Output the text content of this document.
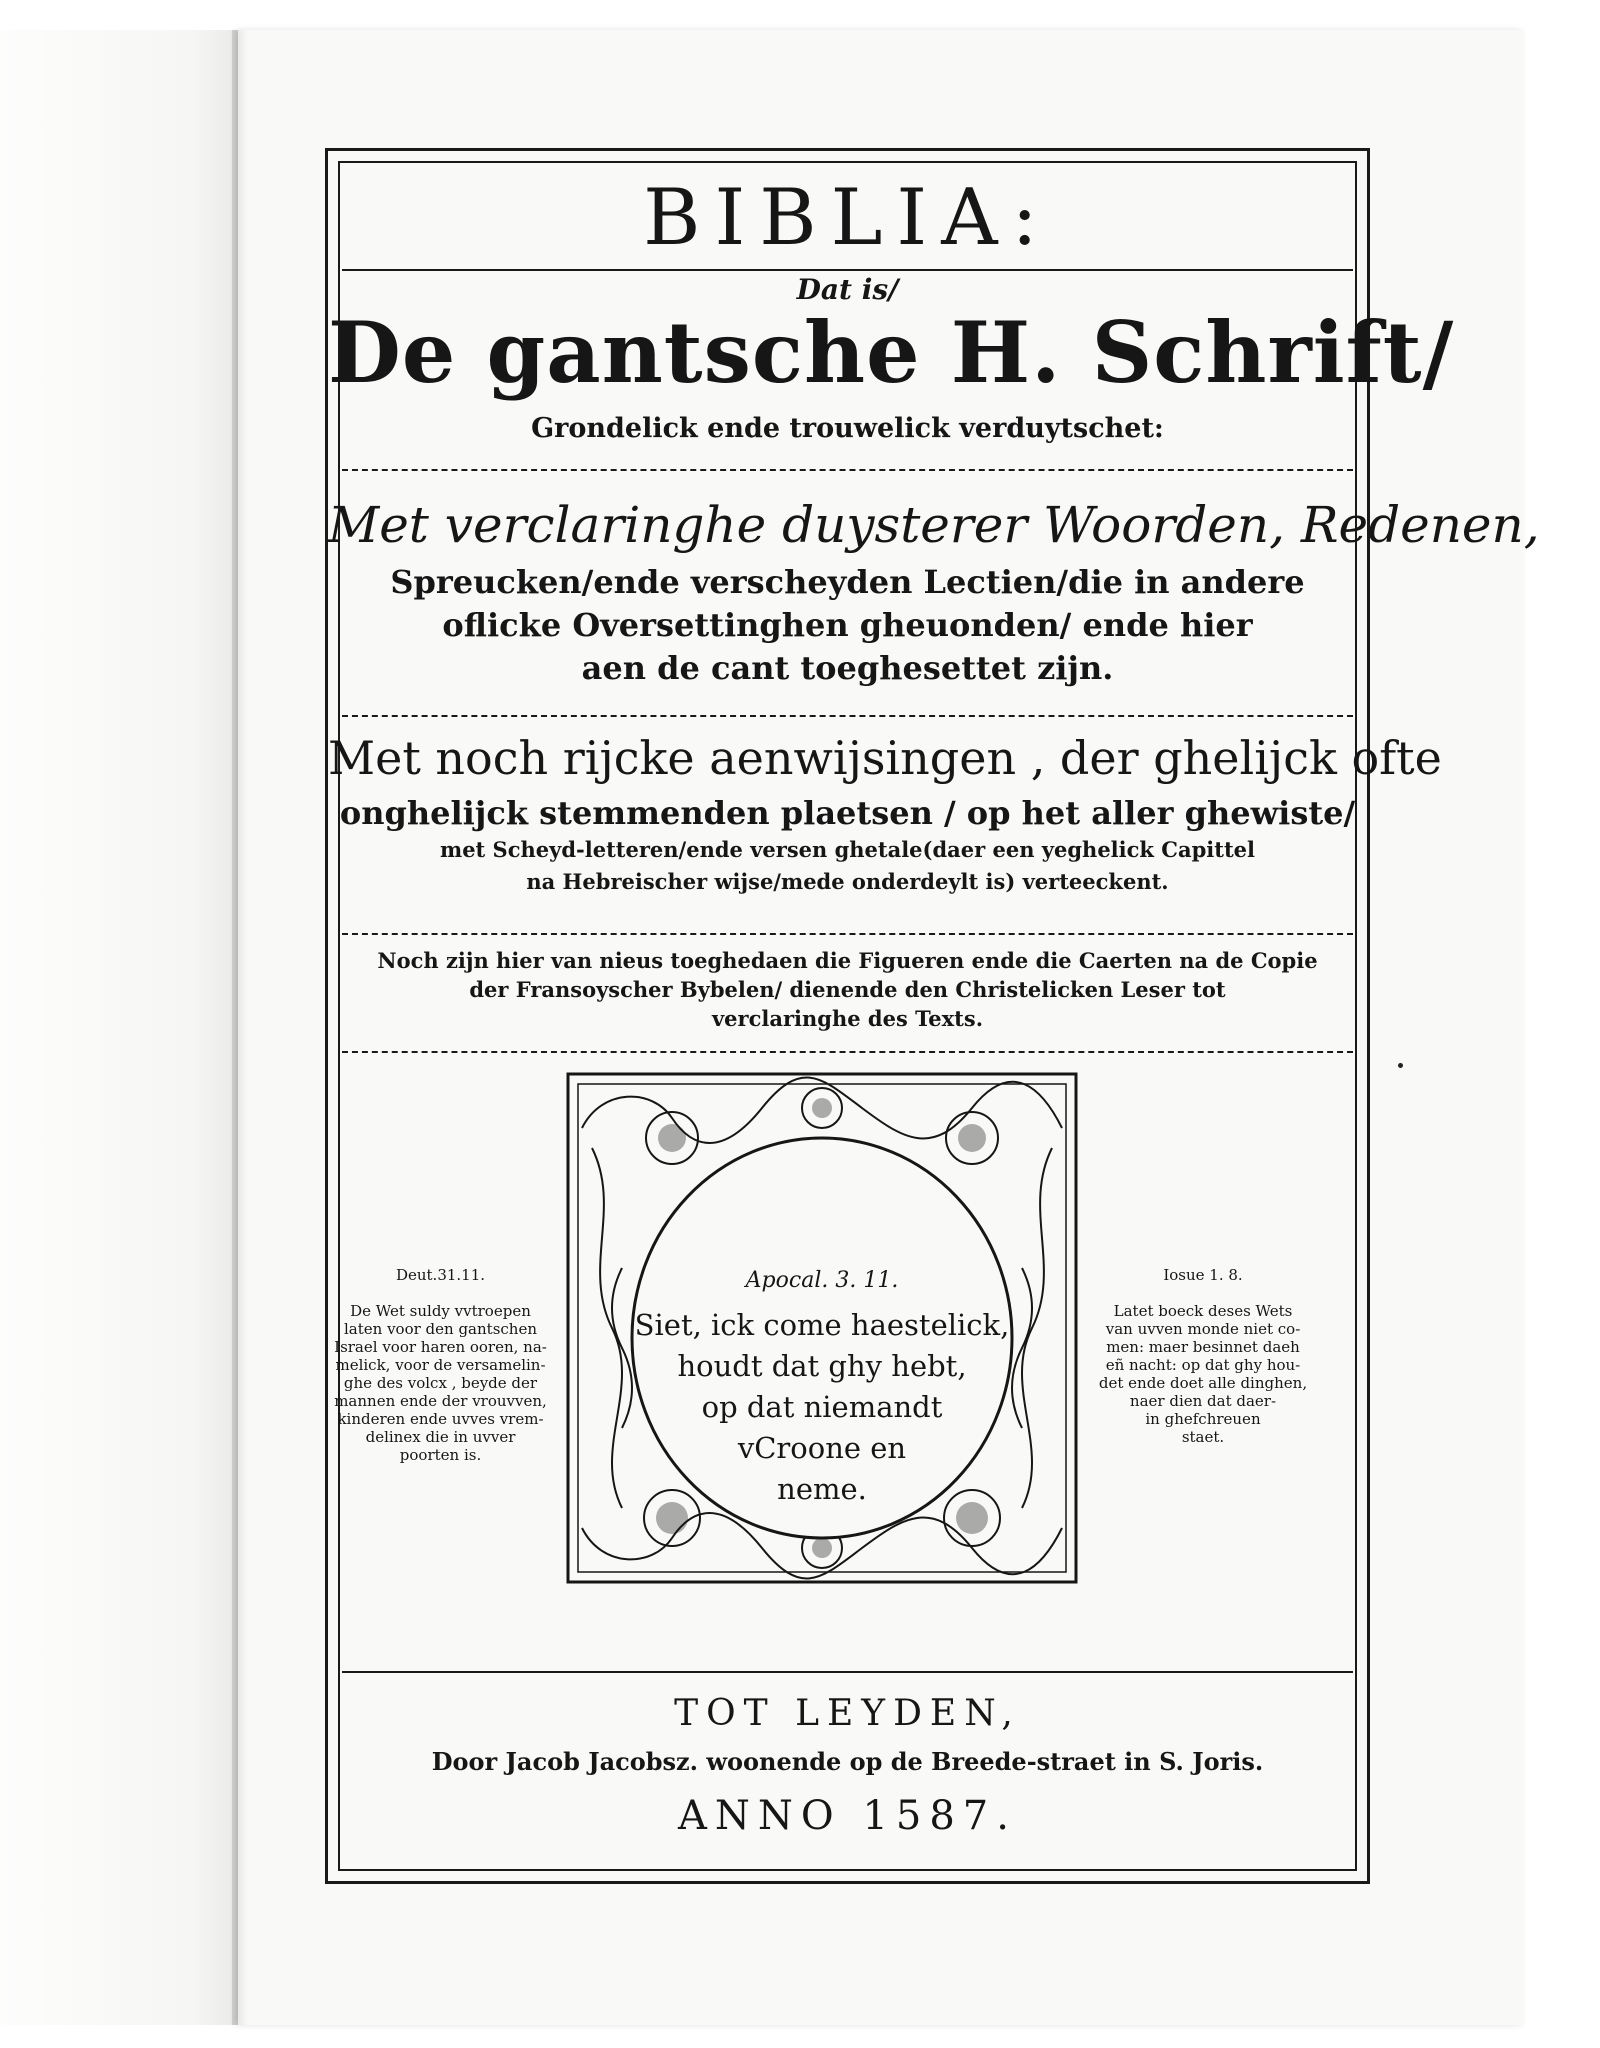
BIBLIA:
Dat is/
De gantsche H. Schrift/
Grondelick ende trouwelick verduytschet:
Met verclaringhe duysterer Woorden, Redenen,
Spreucken/ende verscheyden Lectien/die in andere
oflicke Oversettinghen gheuonden/ ende hier
aen de cant toeghesettet zijn.
Met noch rijcke aenwijsingen , der ghelijck ofte
onghelijck stemmenden plaetsen / op het aller ghewiste/
met Scheyd-letteren/ende versen ghetale(daer een yeghelick Capittel
na Hebreischer wijse/mede onderdeylt is) verteeckent.
Noch zijn hier van nieus toeghedaen die Figueren ende die Caerten na de Copie
der Fransoyscher Bybelen/ dienende den Christelicken Leser tot
verclaringhe des Texts.
Deut.31.11.
De Wet suldy vvtroepen
laten voor den gantschen
Israel voor haren ooren, na-
melick, voor de versamelin-
ghe des volcx , beyde der
mannen ende der vrouvven,
kinderen ende uvves vrem-
delinex die in uvver
poorten is.
Apocal. 3. 11.
Siet, ick come haestelick,
houdt dat ghy hebt,
op dat niemandt
vCroone en
neme.
Iosue 1. 8.
Latet boeck deses Wets
van uvven monde niet co-
men: maer besinnet daeh
eñ nacht: op dat ghy hou-
det ende doet alle dinghen,
naer dien dat daer-
in ghefchreuen
staet.
TOT LEYDEN,
Door Jacob Jacobsz. woonende op de Breede-straet in S. Joris.
ANNO 1587.
